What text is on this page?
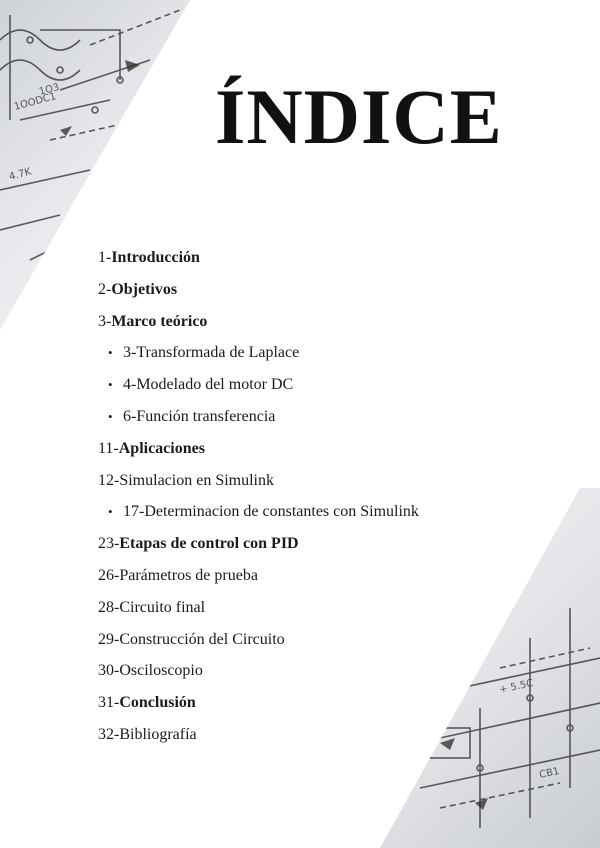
1O3
1OODC1
4.7K
+ 5.5C
CB1
ÍNDICE
1-Introducción
2-Objetivos
3-Marco teórico
• 3-Transformada de Laplace
• 4-Modelado del motor DC
• 6-Función transferencia
11-Aplicaciones
12-Simulacion en Simulink
• 17-Determinacion de constantes con Simulink
23-Etapas de control con PID
26-Parámetros de prueba
28-Circuito final
29-Construcción del Circuito
30-Osciloscopio
31-Conclusión
32-Bibliografía
